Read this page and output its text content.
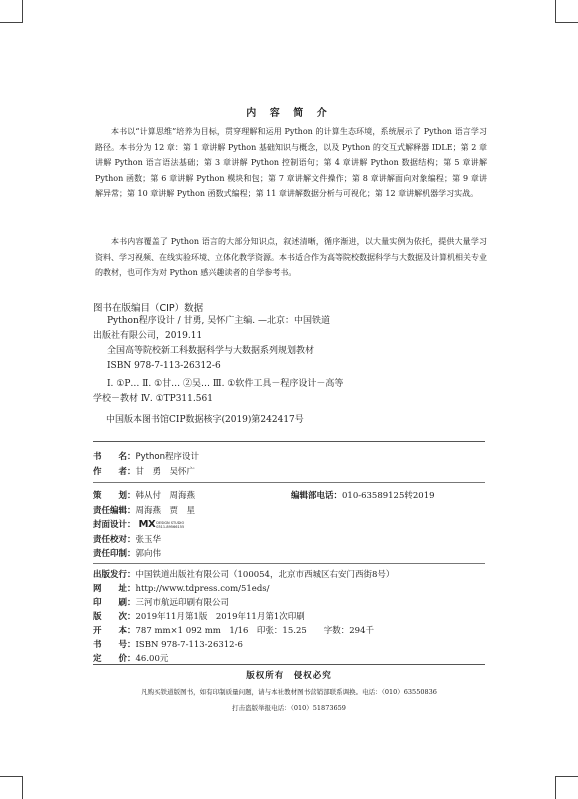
内 容 简 介

本书以“计算思维”培养为目标，贯穿理解和运用 Python 的计算生态环境，系统展示了 Python 语言学习路径。本书分为 12 章：第 1 章讲解 Python 基础知识与概念，以及 Python 的交互式解释器 IDLE；第 2 章讲解 Python 语言语法基础；第 3 章讲解 Python 控制语句；第 4 章讲解 Python 数据结构；第 5 章讲解 Python 函数；第 6 章讲解 Python 模块和包；第 7 章讲解文件操作；第 8 章讲解面向对象编程；第 9 章讲解异常；第 10 章讲解 Python 函数式编程；第 11 章讲解数据分析与可视化；第 12 章讲解机器学习实战。

本书内容覆盖了 Python 语言的大部分知识点，叙述清晰，循序渐进，以大量实例为依托，提供大量学习资料、学习视频、在线实验环境、立体化教学资源。本书适合作为高等院校数据科学与大数据及计算机相关专业的教材，也可作为对 Python 感兴趣读者的自学参考书。

图书在版编目（CIP）数据
Python程序设计 / 甘勇, 吴怀广主编. —北京：中国铁道
出版社有限公司，2019.11
全国高等院校新工科数据科学与大数据系列规划教材
ISBN 978-7-113-26312-6
Ⅰ. ①P… Ⅱ. ①甘… ②吴… Ⅲ. ①软件工具－程序设计－高等
学校－教材 Ⅳ. ①TP311.561
中国版本图书馆CIP数据核字(2019)第242417号
书　　名：Python程序设计
作　　者：甘　勇　吴怀广
策　　划：韩从付　周海燕	编辑部电话：010-63589125转2019
责任编辑：周海燕　贾　星
封面设计： MXDESIGN STUDIO
0311-89566155
责任校对：张玉华
责任印制：郭向伟
出版发行：中国铁道出版社有限公司（100054，北京市西城区右安门西街8号）
网　　址：http://www.tdpress.com/51eds/
印　　刷：三河市航远印刷有限公司
版　　次：2019年11月第1版　2019年11月第1次印刷
开　　本：787 mm×1 092 mm　1/16　印张：15.25　　字数：294千
书　　号：ISBN 978-7-113-26312-6
定　　价：46.00元
版权所有　侵权必究
凡购买铁道版图书，如有印制质量问题，请与本社教材图书营销部联系调换。电话：（010）63550836
打击盗版举报电话：（010）51873659
